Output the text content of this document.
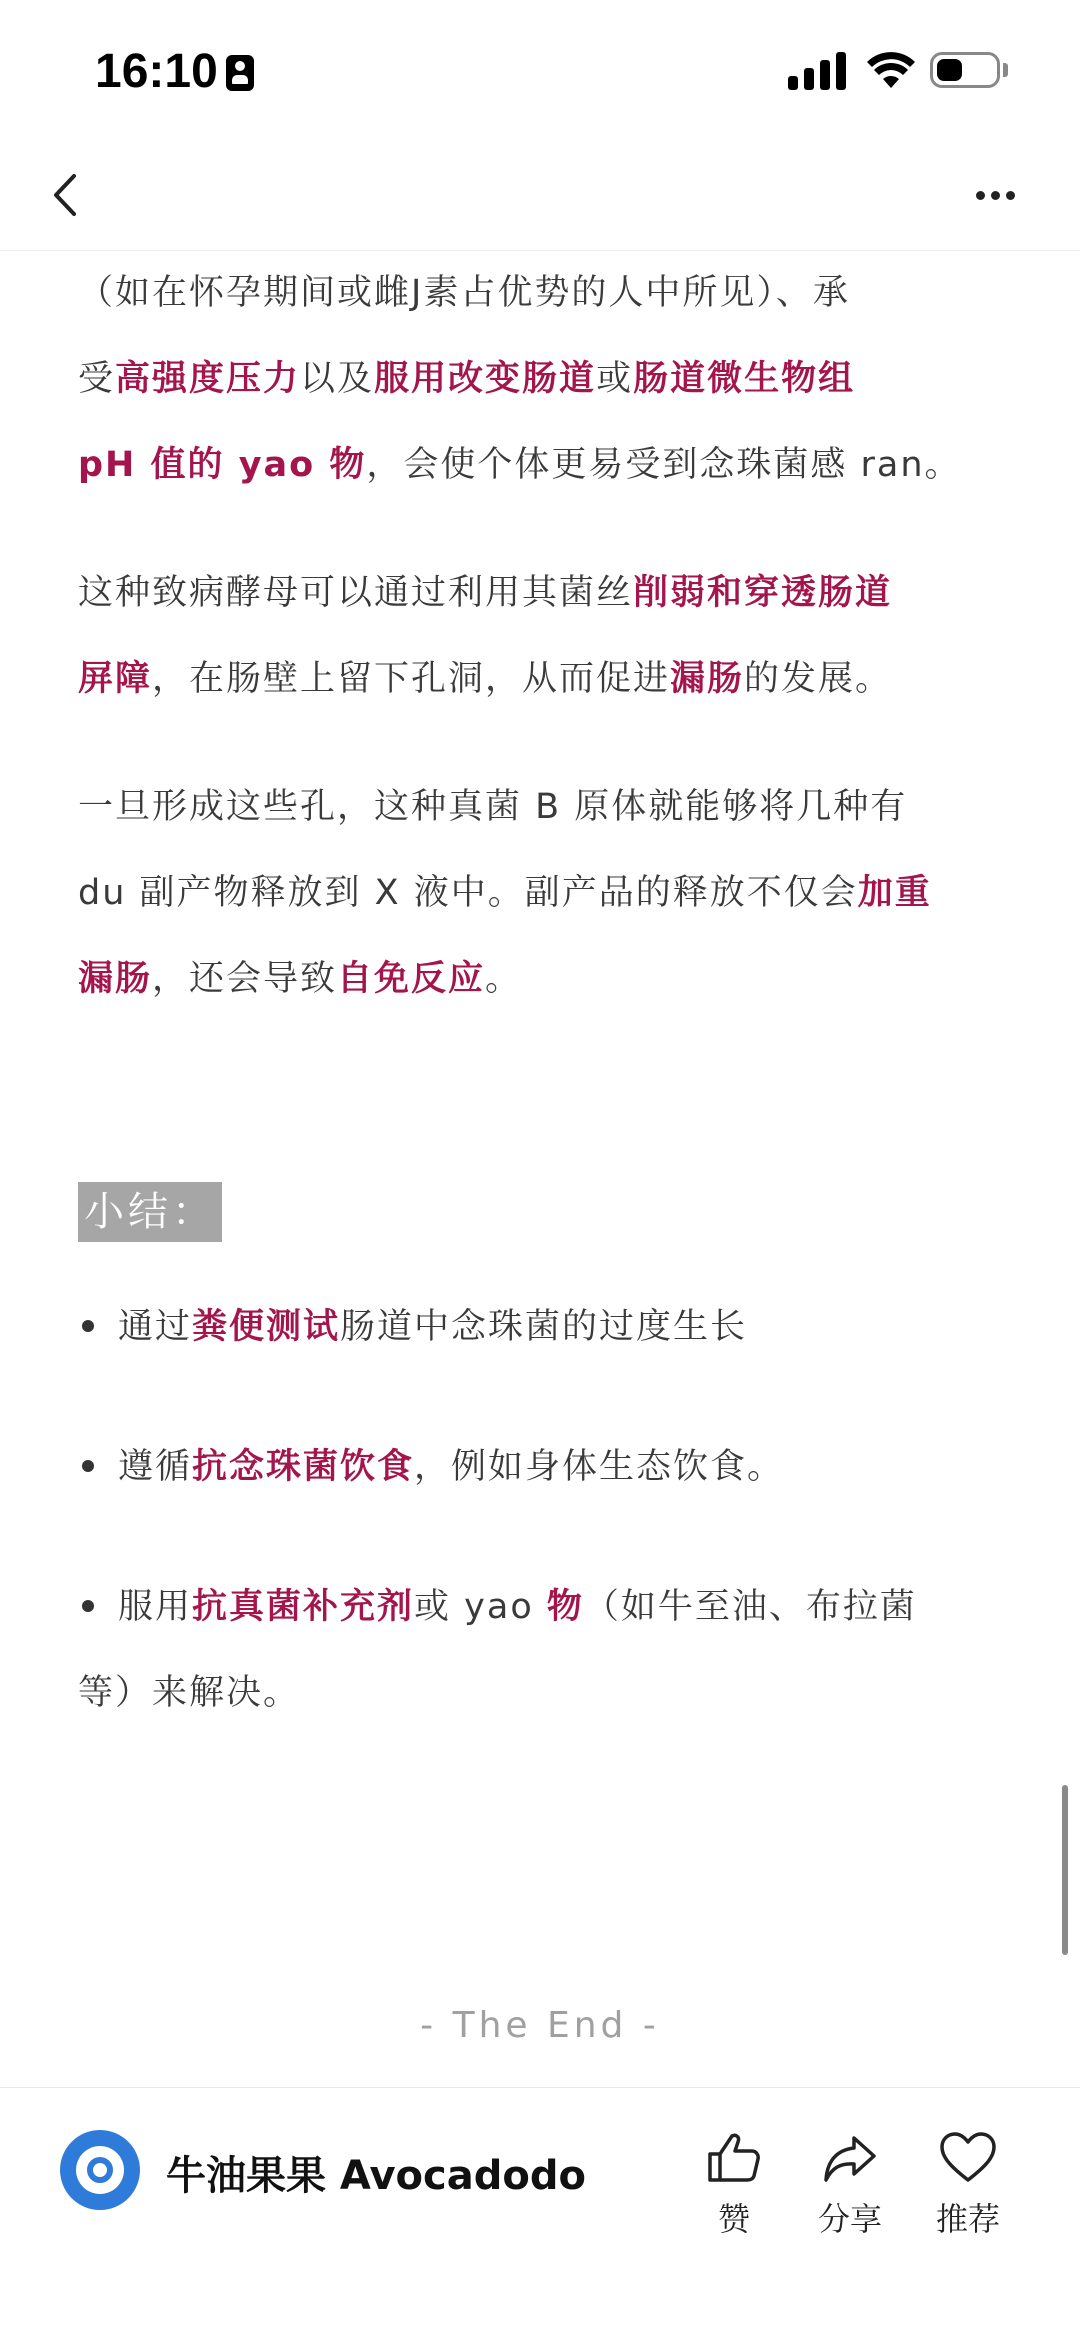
16:10

（如在怀孕期间或雌J素占优势的人中所见）、承
受高强度压力以及服用改变肠道或肠道微生物组
pH 值的 yao 物，会使个体更易受到念珠菌感 ran。

这种致病酵母可以通过利用其菌丝削弱和穿透肠道
屏障，在肠壁上留下孔洞，从而促进漏肠的发展。

一旦形成这些孔，这种真菌 B 原体就能够将几种有
du 副产物释放到 X 液中。副产品的释放不仅会加重
漏肠，还会导致自免反应。

小结：
通过粪便测试肠道中念珠菌的过度生长
遵循抗念珠菌饮食，例如身体生态饮食。
服用抗真菌补充剂或 yao 物（如牛至油、布拉菌
等）来解决。
- The End -
牛油果果 Avocadodo
赞	分享	推荐
